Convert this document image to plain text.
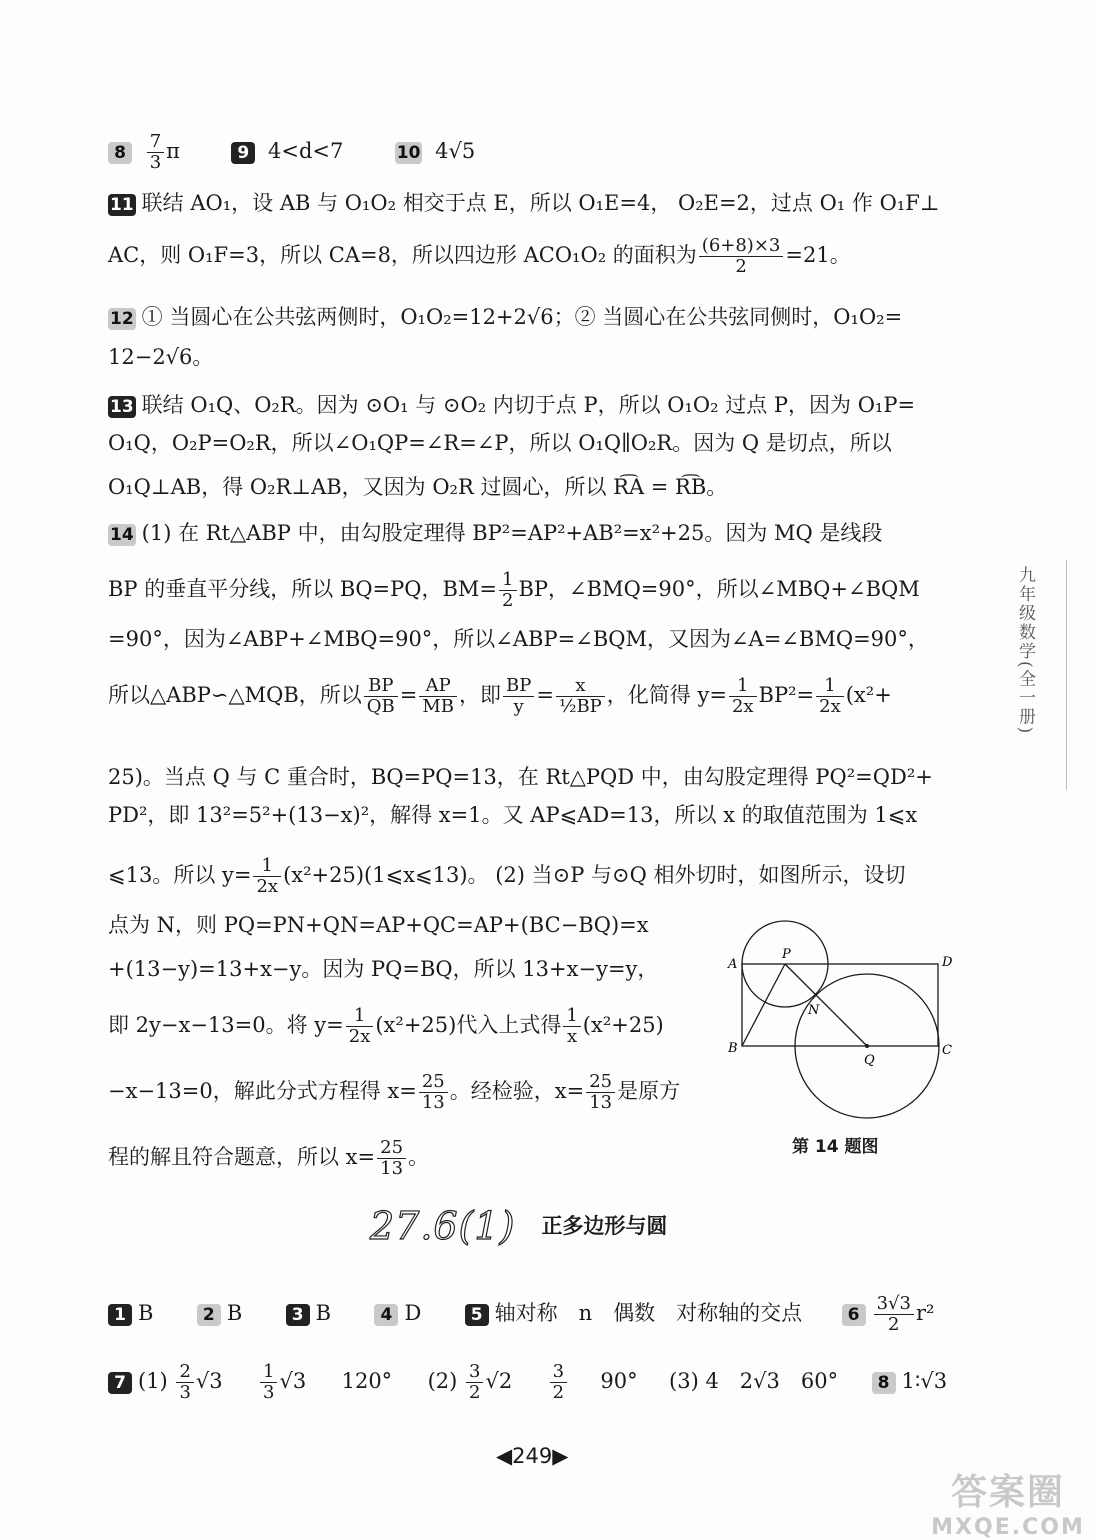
$8 \frac{7}{3}$ π	9 4<d<7	10 4√5
11 联结 AO₁，设 AB 与 O₁O₂ 相交于点 E，所以 O₁E=4， O₂E=2，过点 O₁ 作 O₁F⊥
AC，则 O₁F=3，所以 CA=8，所以四边形 ACO₁O₂ 的面积为 $\frac{(6+8)\times 3}{2} =21$。
12 ① 当圆心在公共弦两侧时，O₁O₂=12+2√6；② 当圆心在公共弦同侧时，O₁O₂=
12−2√6。
13 联结 O₁Q、O₂R。因为 ⊙O₁ 与 ⊙O₂ 内切于点 P，所以 O₁O₂ 过点 P，因为 O₁P=
O₁Q，O₂P=O₂R，所以∠O₁QP=∠R=∠P，所以 O₁Q∥O₂R。因为 Q 是切点，所以
O₁Q⊥AB，得 O₂R⊥AB，又因为 O₂R 过圆心，所以 R͡A = R͡B。
14 (1) 在 Rt△ABP 中，由勾股定理得 BP²=AP²+AB²=x²+25。因为 MQ 是线段
BP 的垂直平分线，所以 BQ=PQ，$BM= \frac{1}{2}$ BP，∠BMQ=90°，所以∠MBQ+∠BQM
=90°，因为∠ABP+∠MBQ=90°，所以∠ABP=∠BQM，又因为∠A=∠BMQ=90°，
所以△ABP∽△MQB，所以 $\frac{BP}{QB} = \frac{AP}{MB}$ ，即 $\frac{BP}{y} = \frac{x}{\text{½BP}}$ ，化简得 $y= \frac{1}{2x} BP^2= \frac{1}{2x} (x^2+$
25)。当点 Q 与 C 重合时，BQ=PQ=13，在 Rt△PQD 中，由勾股定理得 PQ²=QD²+
PD²，即 13²=5²+(13−x)²，解得 x=1。又 AP⩽AD=13，所以 x 的取值范围为 1⩽x
⩽13。所以 $y= \frac{1}{2x}$ (x²+25)(1⩽x⩽13)。 (2) 当⊙P 与⊙Q 相外切时，如图所示，设切
点为 N，则 PQ=PN+QN=AP+QC=AP+(BC−BQ)=x
+(13−y)=13+x−y。因为 PQ=BQ，所以 13+x−y=y，
即 2y−x−13=0。将 $y= \frac{1}{2x} (x^2+25)$代入上式得 $\frac{1}{x} (x^2+25)$
−x−13=0，解此分式方程得 $x= \frac{25}{13}$ 。经检验，$x= \frac{25}{13}$ 是原方
程的解且符合题意，所以 $x= \frac{25}{13}$ 。
A
B	C
D
P
Q
N
第 14 题图
27.6(1) 正多边形与圆
1 B	2 B	3 B	4 D	5 轴对称　n　偶数　对称轴的交点	$6 \frac{3√3}{2} r^2$
7 $(1) \frac{2}{3} √3 \frac{1}{3} √3$ 120° $(2) \frac{3}{2} √2 \frac{3}{2} 90^\circ$ (3) 4　2√3　60° 8 1∶√3
九年级数学(全一册)
◀249▶
答案圈
MXQE.COM
